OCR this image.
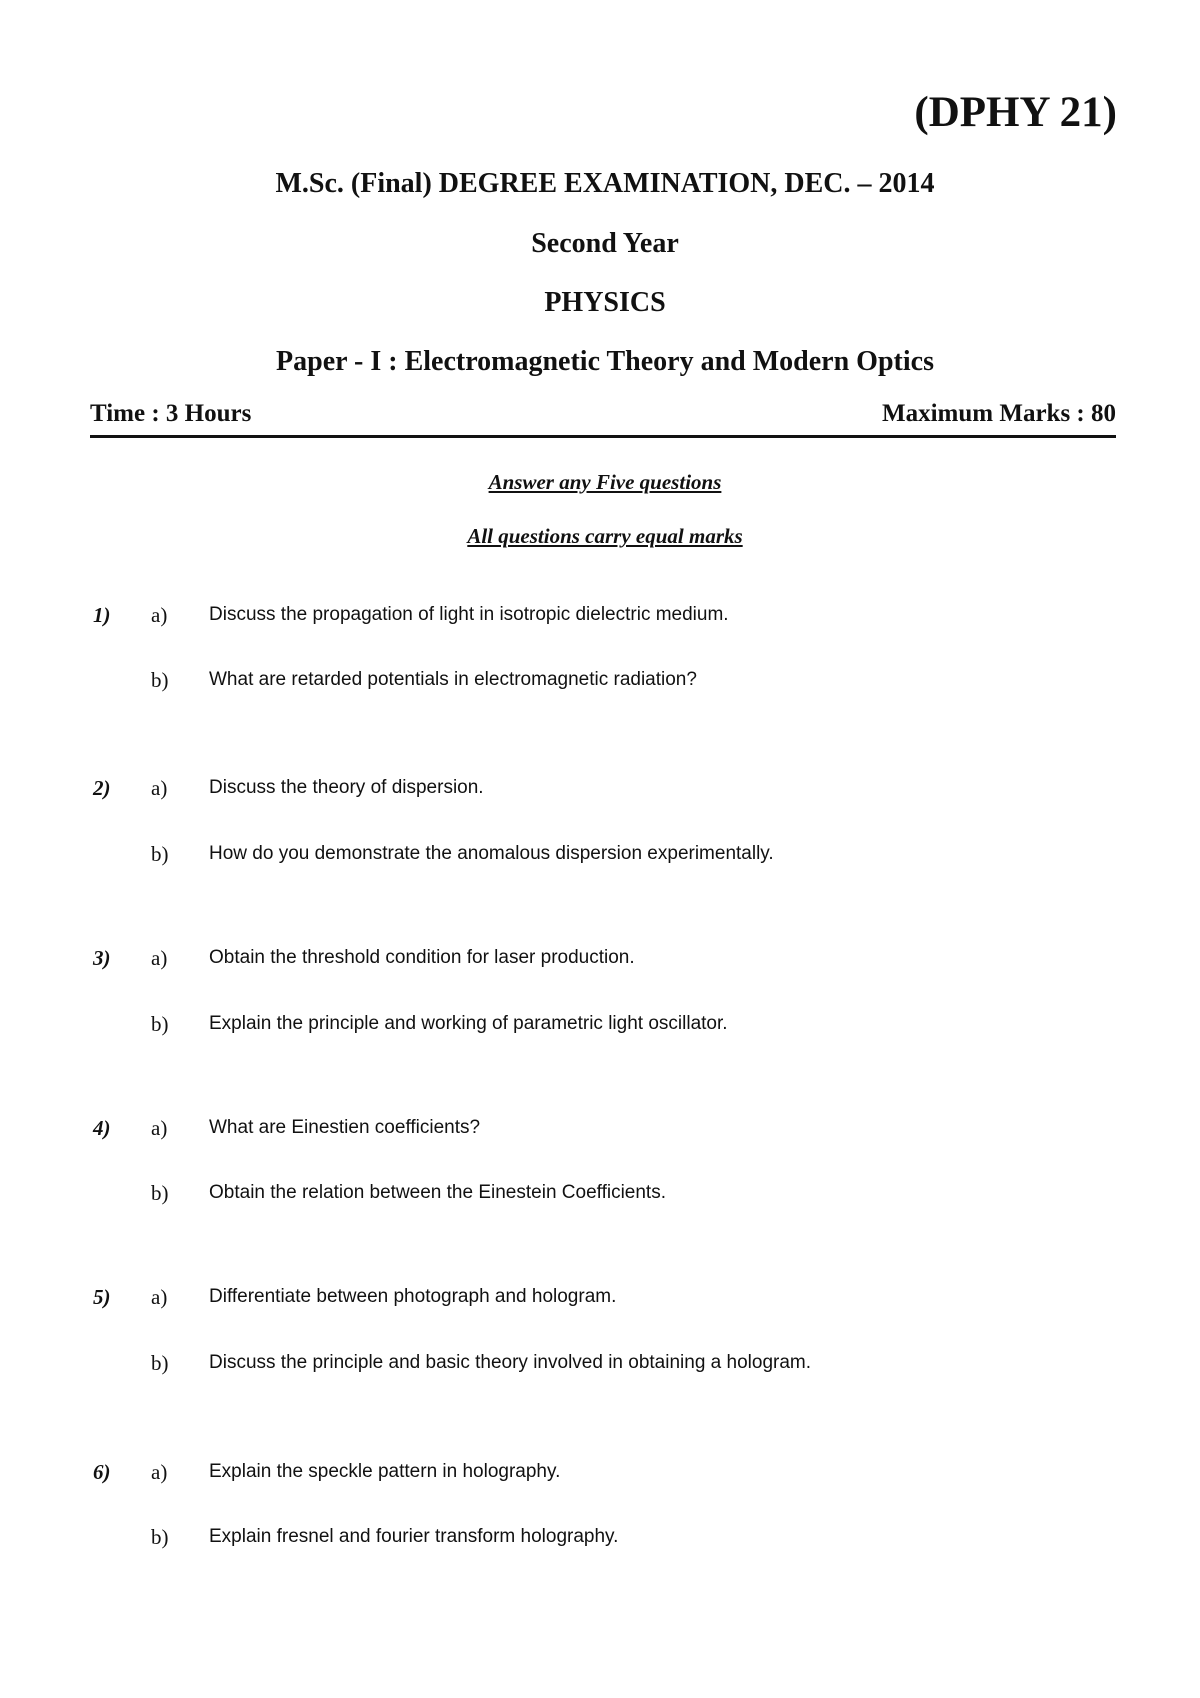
(DPHY 21)
M.Sc. (Final) DEGREE EXAMINATION, DEC. – 2014
Second Year
PHYSICS
Paper - I : Electromagnetic Theory and Modern Optics
Time : 3 Hours	Maximum Marks : 80
Answer any Five questions
All questions carry equal marks
1) a) Discuss the propagation of light in isotropic dielectric medium.
b) What are retarded potentials in electromagnetic radiation?
2) a) Discuss the theory of dispersion.
b) How do you demonstrate the anomalous dispersion experimentally.
3) a) Obtain the threshold condition for laser production.
b) Explain the principle and working of parametric light oscillator.
4) a) What are Einestien coefficients?
b) Obtain the relation between the Einestein Coefficients.
5) a) Differentiate between photograph and hologram.
b) Discuss the principle and basic theory involved in obtaining a hologram.
6) a) Explain the speckle pattern in holography.
b) Explain fresnel and fourier transform holography.
